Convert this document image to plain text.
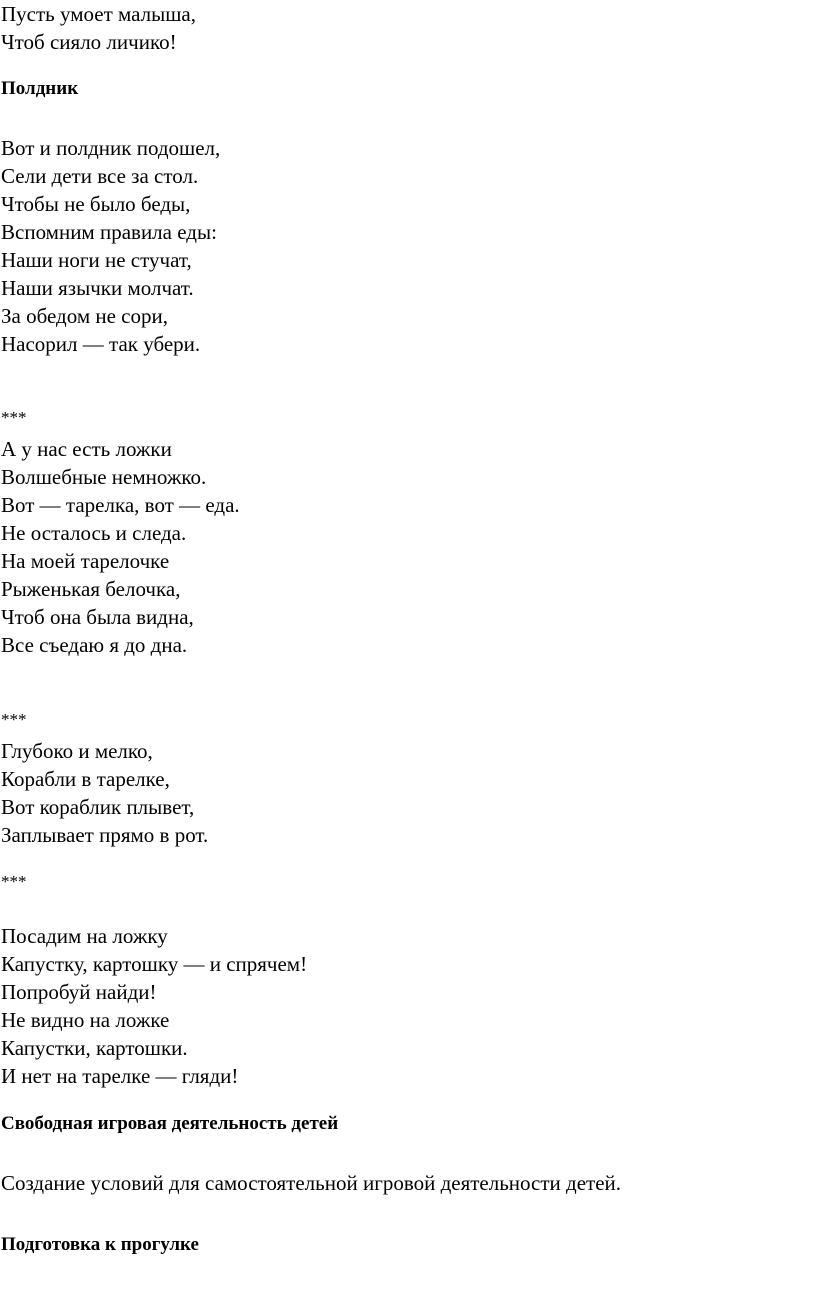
Пусть умоет малыша,
Чтоб сияло личико!
Полдник
Вот и полдник подошел,
Сели дети все за стол.
Чтобы не было беды,
Вспомним правила еды:
Наши ноги не стучат,
Наши язычки молчат.
За обедом не сори,
Насорил — так убери.
***
А у нас есть ложки
Волшебные немножко.
Вот — тарелка, вот — еда.
Не осталось и следа.
На моей тарелочке
Рыженькая белочка,
Чтоб она была видна,
Все съедаю я до дна.
***
Глубоко и мелко,
Корабли в тарелке,
Вот кораблик плывет,
Заплывает прямо в рот.
***
Посадим на ложку
Капустку, картошку — и спрячем!
Попробуй найди!
Не видно на ложке
Капустки, картошки.
И нет на тарелке — гляди!
Свободная игровая деятельность детей
Создание условий для самостоятельной игровой деятельности детей.
Подготовка к прогулке
